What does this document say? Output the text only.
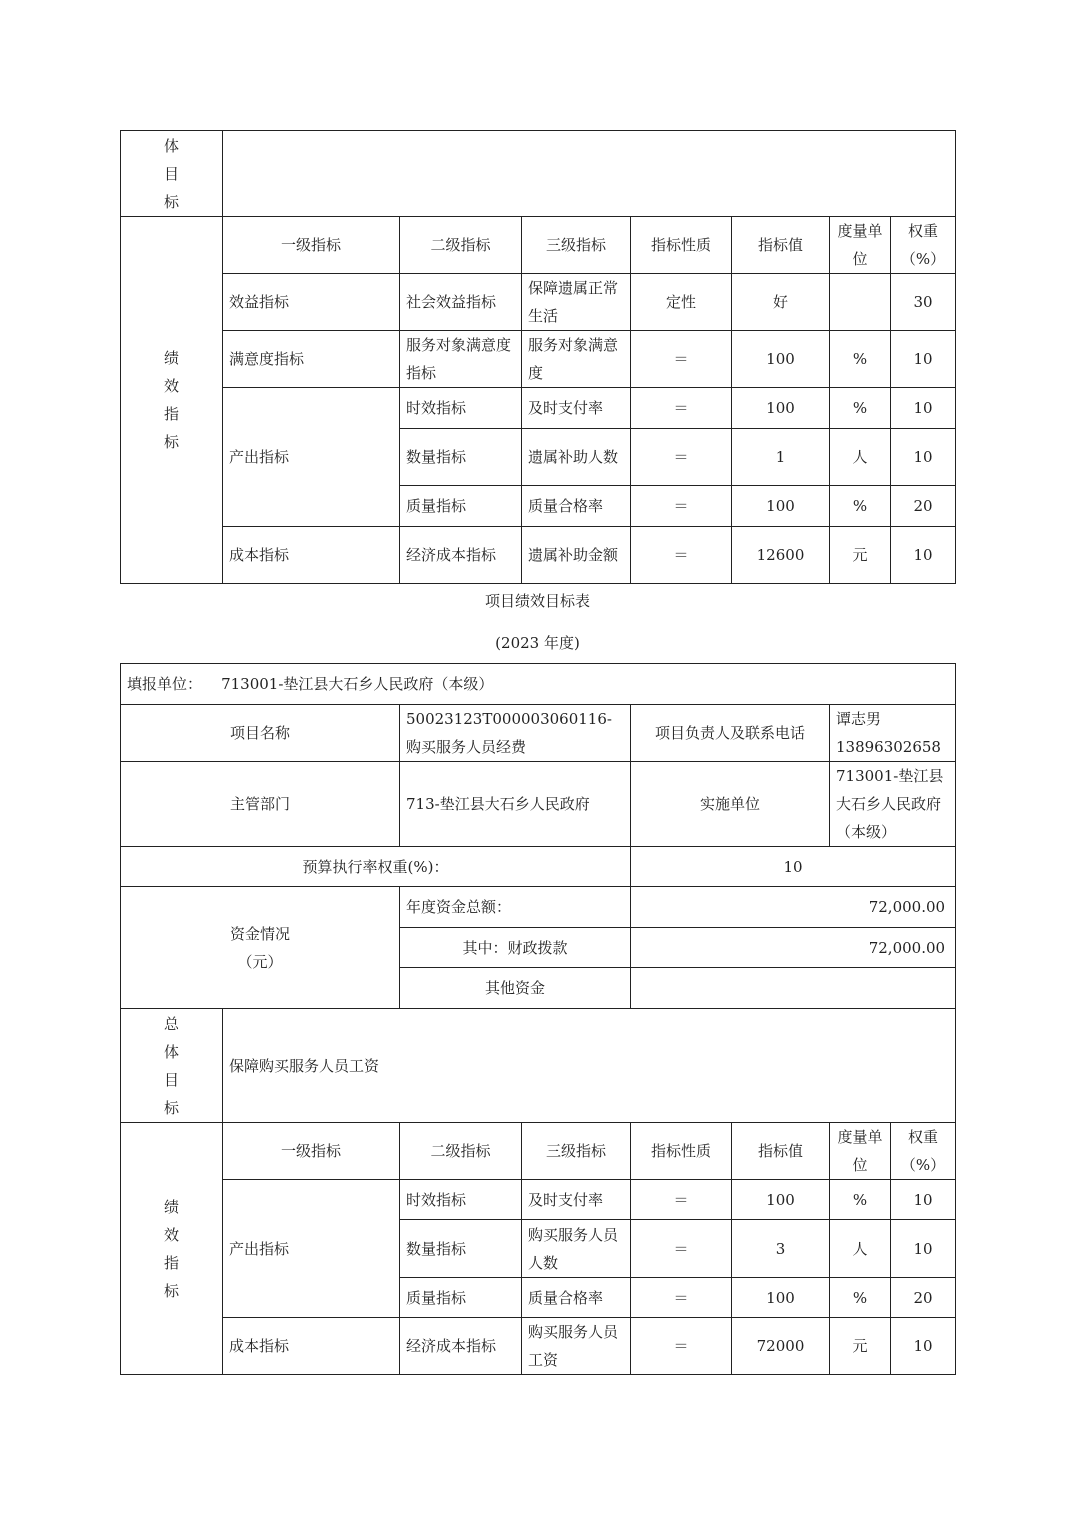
体
目
标							

绩
效
指
标	一级指标	二级指标	三级指标	指标性质	指标值	度量单位	权重（%）
	效益指标	社会效益指标	保障遗属正常生活	定性	好		30
	满意度指标	服务对象满意度指标	服务对象满意度	＝	100	%	10
	产出指标	时效指标	及时支付率	＝	100	%	10
		数量指标	遗属补助人数	＝	1	人	10
		质量指标	质量合格率	＝	100	%	20
	成本指标	经济成本指标	遗属补助金额	＝	12600	元	10
项目绩效目标表
(2023 年度)
填报单位： 713001-垫江县大石乡人民政府（本级）							
项目名称		50023123T000003060116-购买服务人员经费		项目负责人及联系电话		谭志男
13896302658	

主管部门		713-垫江县大石乡人民政府		实施单位		713001-垫江县大石乡人民政府（本级）	
预算执行率权重(%)：				10			

资金情况
（元）		年度资金总额：		72,000.00			
		其中：财政拨款		72,000.00			
		其他资金					

总
体
目
标	保障购买服务人员工资						

绩
效
指
标	一级指标	二级指标	三级指标	指标性质	指标值	度量单位	权重（%）
	产出指标	时效指标	及时支付率	＝	100	%	10
		数量指标	购买服务人员人数	＝	3	人	10
		质量指标	质量合格率	＝	100	%	20
	成本指标	经济成本指标	购买服务人员工资	＝	72000	元	10
